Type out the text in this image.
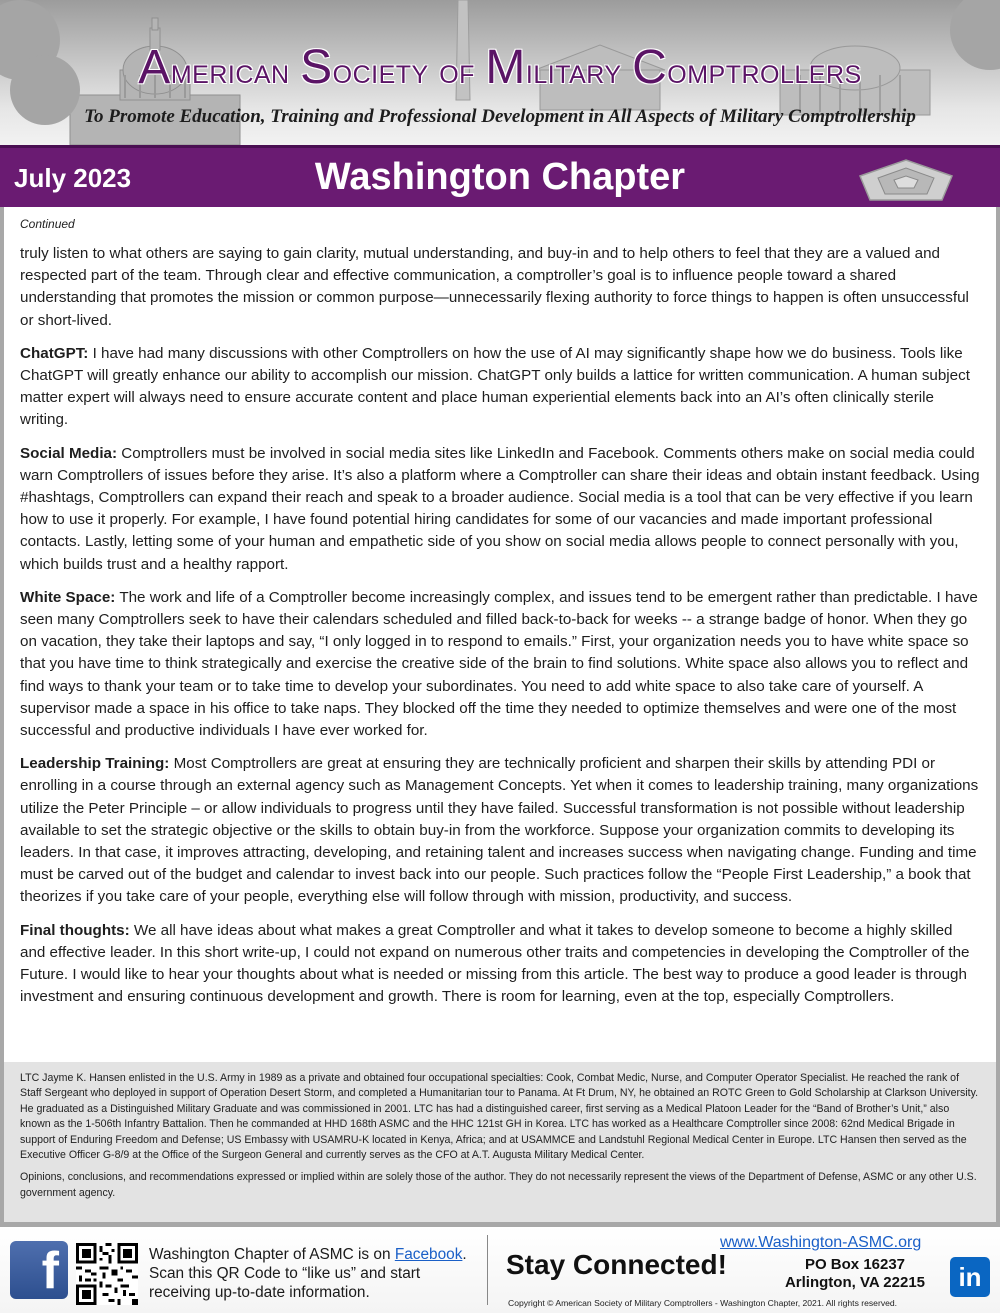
American Society of Military Comptrollers
To Promote Education, Training and Professional Development in All Aspects of Military Comptrollership
July 2023	Washington Chapter
Continued

truly listen to what others are saying to gain clarity, mutual understanding, and buy-in and to help others to feel that they are a valued and respected part of the team. Through clear and effective communication, a comptroller’s goal is to influence people toward a shared understanding that promotes the mission or common purpose—unnecessarily flexing authority to force things to happen is often unsuccessful or short-lived.

ChatGPT: I have had many discussions with other Comptrollers on how the use of AI may significantly shape how we do business. Tools like ChatGPT will greatly enhance our ability to accomplish our mission. ChatGPT only builds a lattice for written communication. A human subject matter expert will always need to ensure accurate content and place human experiential elements back into an AI’s often clinically sterile writing.

Social Media: Comptrollers must be involved in social media sites like LinkedIn and Facebook. Comments others make on social media could warn Comptrollers of issues before they arise. It’s also a platform where a Comptroller can share their ideas and obtain instant feedback. Using #hashtags, Comptrollers can expand their reach and speak to a broader audience. Social media is a tool that can be very effective if you learn how to use it properly. For example, I have found potential hiring candidates for some of our vacancies and made important professional contacts. Lastly, letting some of your human and empathetic side of you show on social media allows people to connect personally with you, which builds trust and a healthy rapport.

White Space: The work and life of a Comptroller become increasingly complex, and issues tend to be emergent rather than predictable. I have seen many Comptrollers seek to have their calendars scheduled and filled back-to-back for weeks -- a strange badge of honor. When they go on vacation, they take their laptops and say, “I only logged in to respond to emails.” First, your organization needs you to have white space so that you have time to think strategically and exercise the creative side of the brain to find solutions. White space also allows you to reflect and find ways to thank your team or to take time to develop your subordinates. You need to add white space to also take care of yourself. A supervisor made a space in his office to take naps. They blocked off the time they needed to optimize themselves and were one of the most successful and productive individuals I have ever worked for.

Leadership Training: Most Comptrollers are great at ensuring they are technically proficient and sharpen their skills by attending PDI or enrolling in a course through an external agency such as Management Concepts. Yet when it comes to leadership training, many organizations utilize the Peter Principle – or allow individuals to progress until they have failed. Successful transformation is not possible without leadership available to set the strategic objective or the skills to obtain buy-in from the workforce. Suppose your organization commits to developing its leaders. In that case, it improves attracting, developing, and retaining talent and increases success when navigating change. Funding and time must be carved out of the budget and calendar to invest back into our people. Such practices follow the “People First Leadership,” a book that theorizes if you take care of your people, everything else will follow through with mission, productivity, and success.

Final thoughts: We all have ideas about what makes a great Comptroller and what it takes to develop someone to become a highly skilled and effective leader. In this short write-up, I could not expand on numerous other traits and competencies in developing the Comptroller of the Future. I would like to hear your thoughts about what is needed or missing from this article. The best way to produce a good leader is through investment and ensuring continuous development and growth. There is room for learning, even at the top, especially Comptrollers.

LTC Jayme K. Hansen enlisted in the U.S. Army in 1989 as a private and obtained four occupational specialties: Cook, Combat Medic, Nurse, and Computer Operator Specialist. He reached the rank of Staff Sergeant who deployed in support of Operation Desert Storm, and completed a Humanitarian tour to Panama. At Ft Drum, NY, he obtained an ROTC Green to Gold Scholarship at Clarkson University. He graduated as a Distinguished Military Graduate and was commissioned in 2001. LTC has had a distinguished career, first serving as a Medical Platoon Leader for the “Band of Brother’s Unit,” also known as the 1-506th Infantry Battalion. Then he commanded at HHD 168th ASMC and the HHC 121st GH in Korea. LTC has worked as a Healthcare Comptroller since 2008: 62nd Medical Brigade in support of Enduring Freedom and Defense; US Embassy with USAMRU-K located in Kenya, Africa; and at USAMMCE and Landstuhl Regional Medical Center in Europe. LTC Hansen then served as the Executive Officer G-8/9 at the Office of the Surgeon General and currently serves as the CFO at A.T. Augusta Military Medical Center.

Opinions, conclusions, and recommendations expressed or implied within are solely those of the author. They do not necessarily represent the views of the Department of Defense, ASMC or any other U.S. government agency.

f	Washington Chapter of ASMC is on Facebook. Scan this QR Code to “like us” and start receiving up-to-date information.
Stay Connected!
www.Washington-ASMC.org
PO Box 16237
Arlington, VA 22215	in
Copyright © American Society of Military Comptrollers - Washington Chapter, 2021. All rights reserved.
